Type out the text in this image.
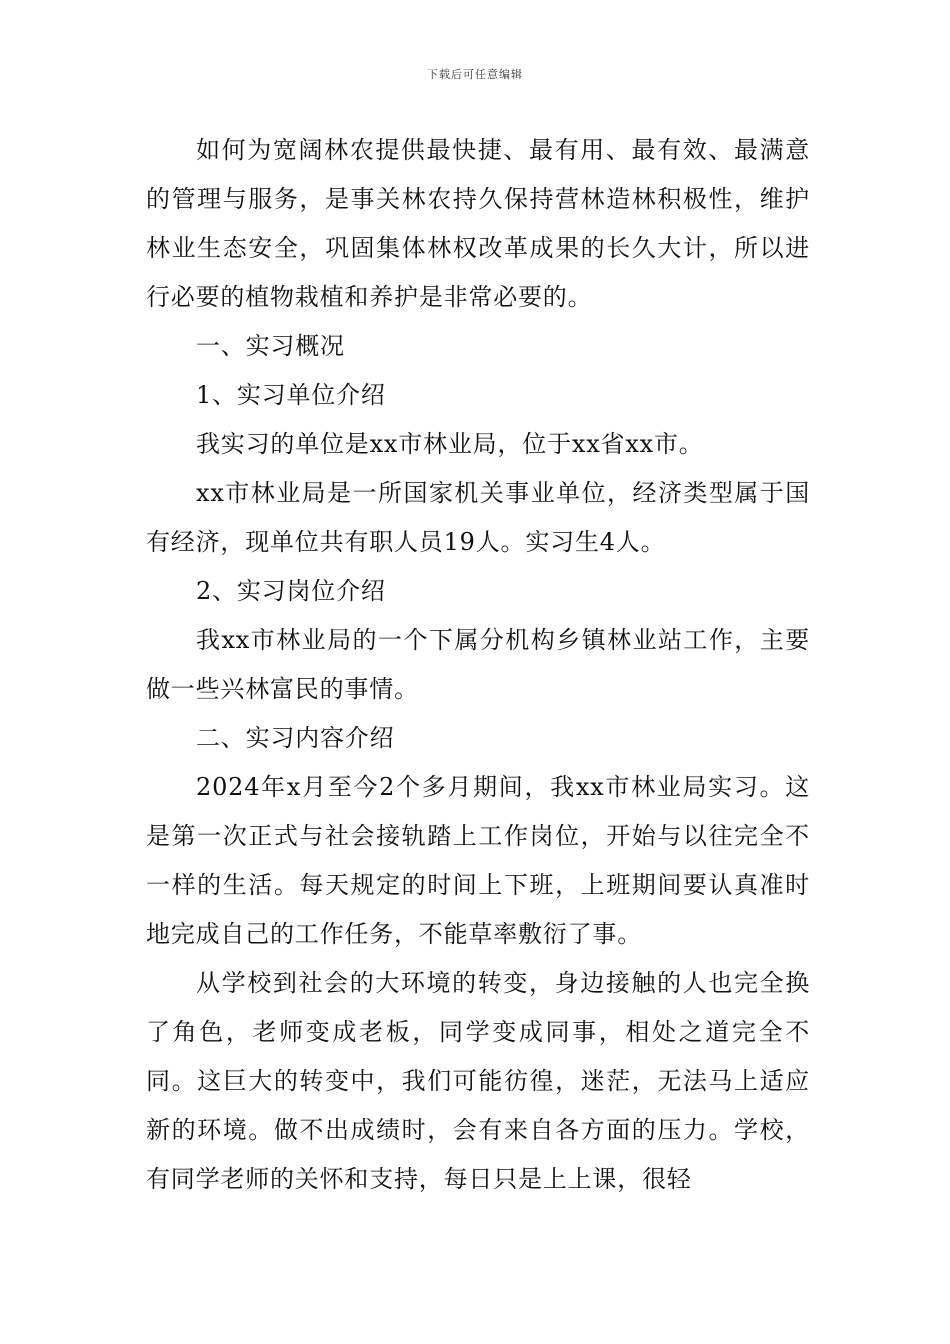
下载后可任意编辑

如何为宽阔林农提供最快捷、最有用、最有效、最满意的管理与服务，是事关林农持久保持营林造林积极性，维护林业生态安全，巩固集体林权改革成果的长久大计，所以进行必要的植物栽植和养护是非常必要的。

一、实习概况

1、实习单位介绍

我实习的单位是xx市林业局，位于xx省xx市。

xx市林业局是一所国家机关事业单位，经济类型属于国有经济，现单位共有职人员19人。实习生4人。

2、实习岗位介绍

我xx市林业局的一个下属分机构乡镇林业站工作，主要做一些兴林富民的事情。

二、实习内容介绍

2024年x月至今2个多月期间，我xx市林业局实习。这是第一次正式与社会接轨踏上工作岗位，开始与以往完全不一样的生活。每天规定的时间上下班，上班期间要认真准时地完成自己的工作任务，不能草率敷衍了事。

从学校到社会的大环境的转变，身边接触的人也完全换了角色，老师变成老板，同学变成同事，相处之道完全不同。这巨大的转变中，我们可能彷徨，迷茫，无法马上适应新的环境。做不出成绩时，会有来自各方面的压力。学校，有同学老师的关怀和支持，每日只是上上课，很轻
